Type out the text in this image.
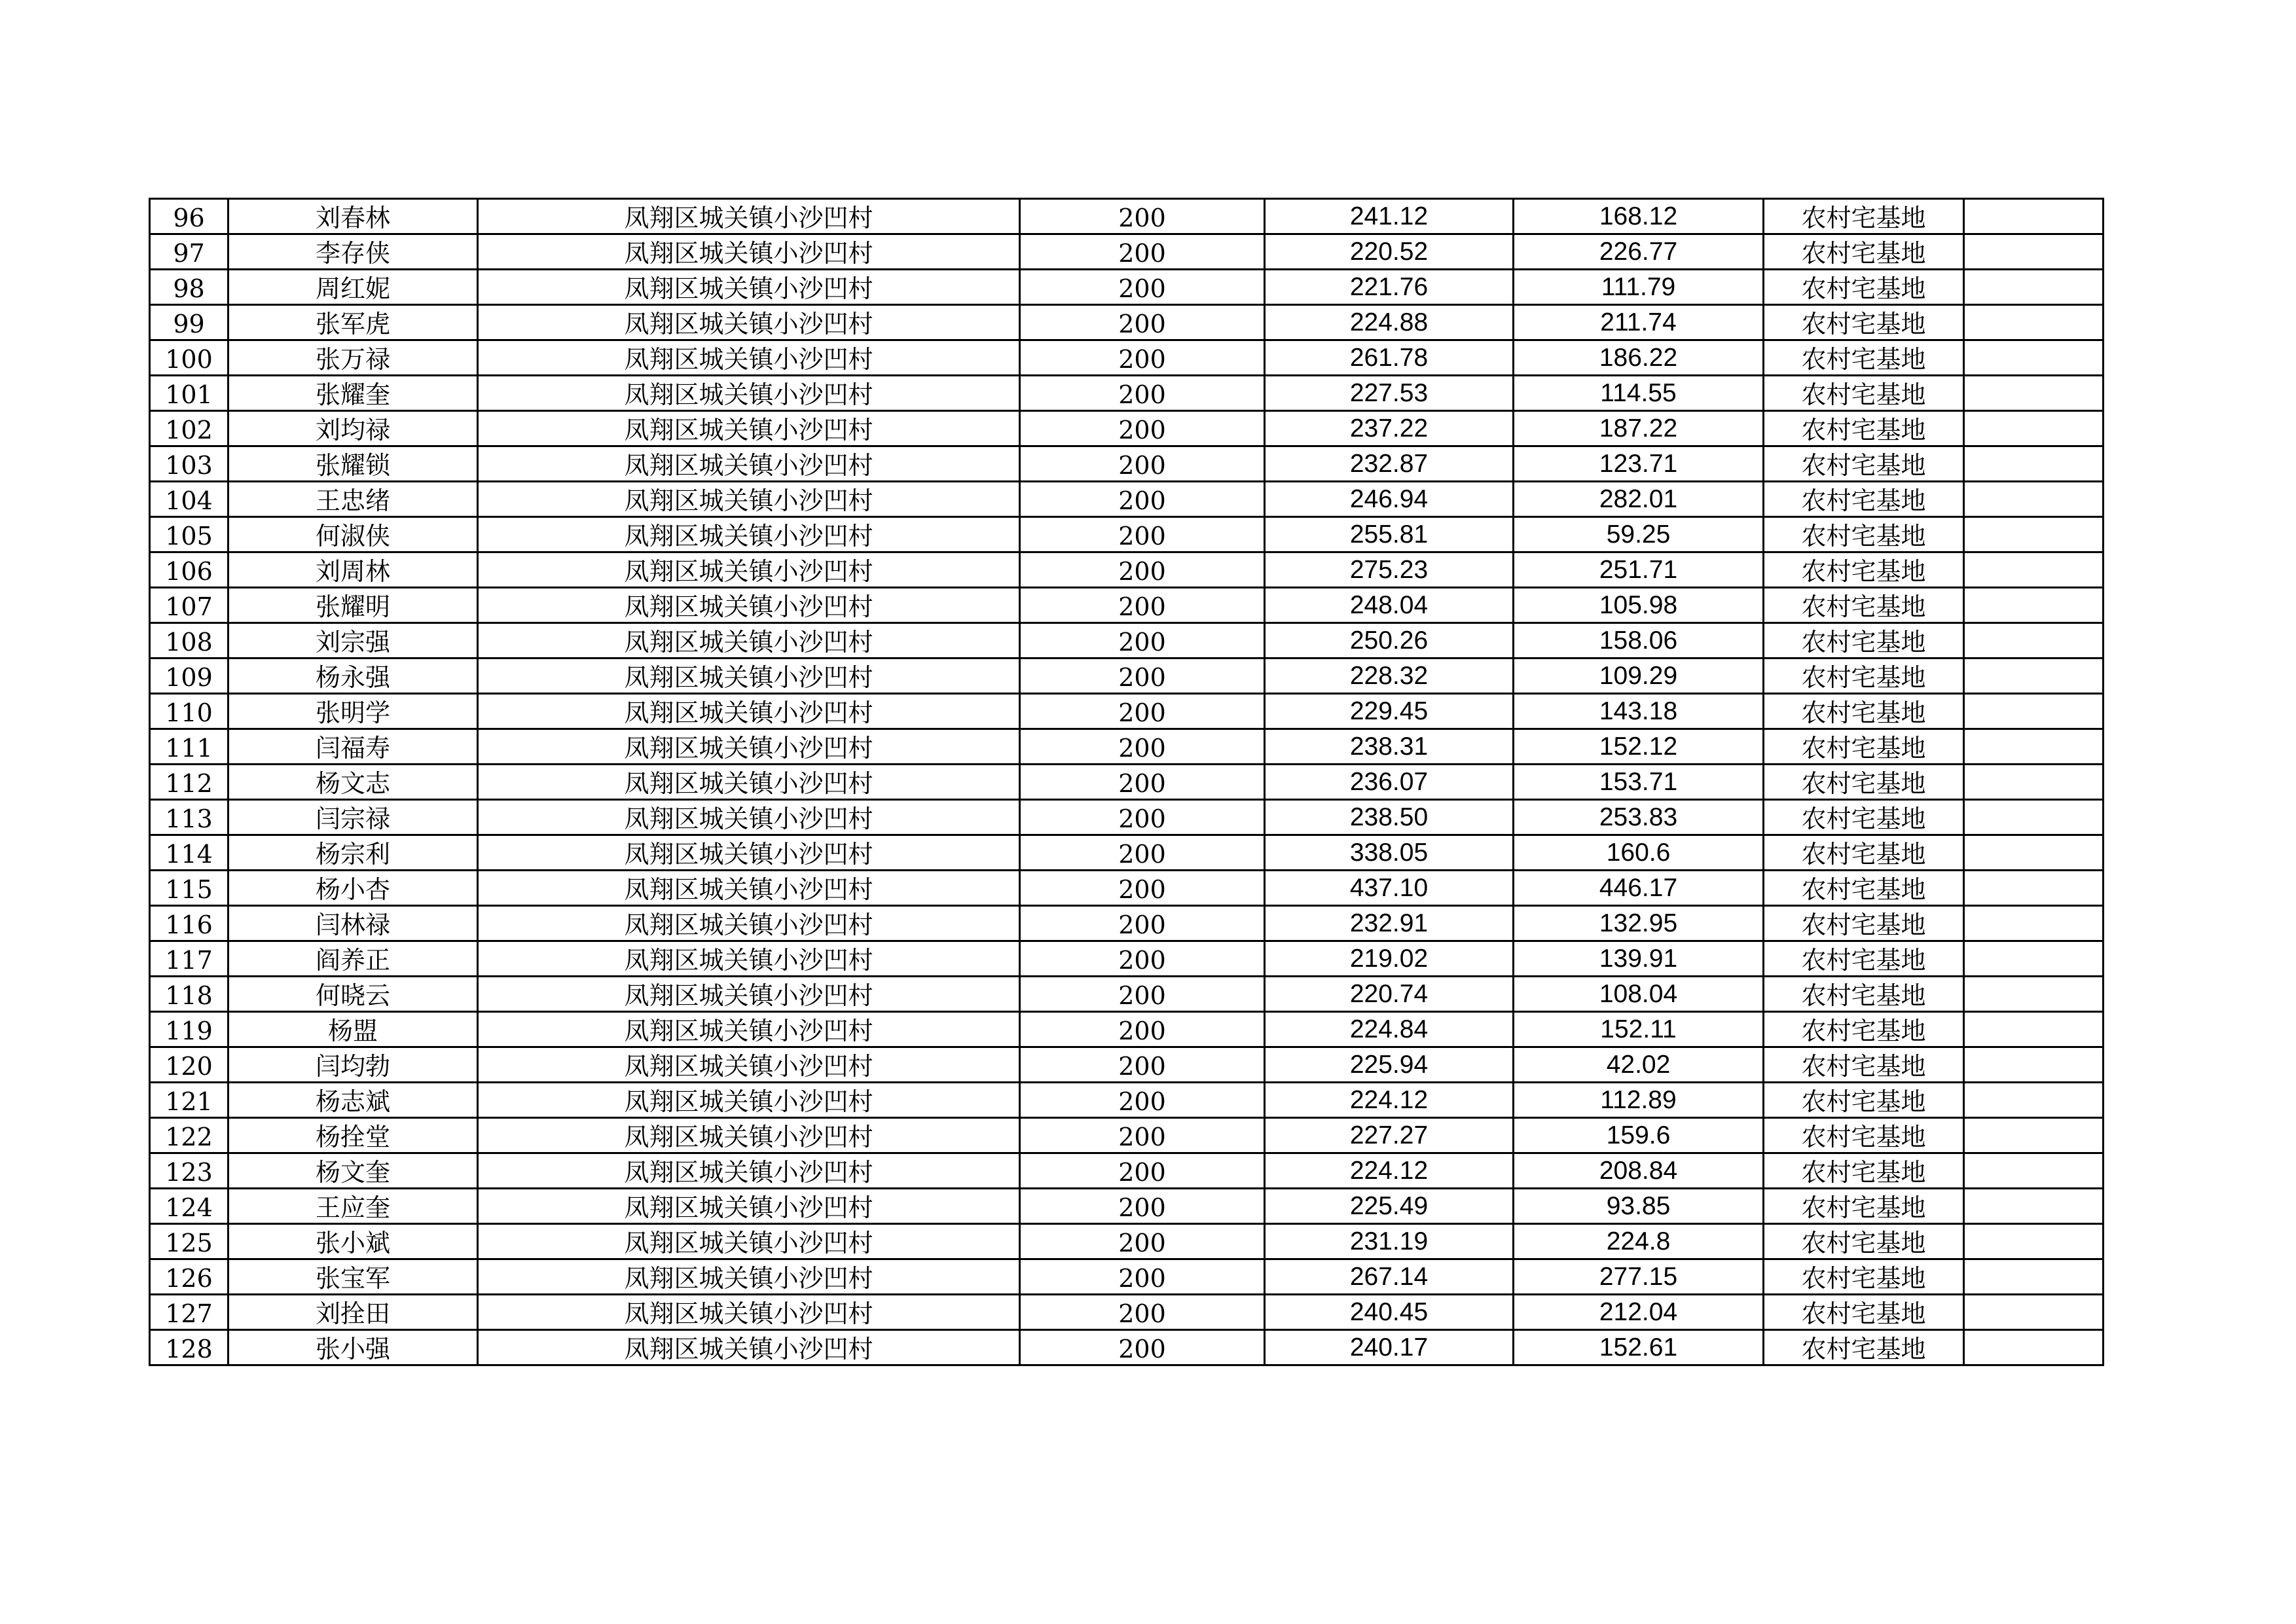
96	刘春林	凤翔区城关镇小沙凹村	200	241.12	168.12	农村宅基地	
97	李存侠	凤翔区城关镇小沙凹村	200	220.52	226.77	农村宅基地	
98	周红妮	凤翔区城关镇小沙凹村	200	221.76	111.79	农村宅基地	
99	张军虎	凤翔区城关镇小沙凹村	200	224.88	211.74	农村宅基地	
100	张万禄	凤翔区城关镇小沙凹村	200	261.78	186.22	农村宅基地	
101	张耀奎	凤翔区城关镇小沙凹村	200	227.53	114.55	农村宅基地	
102	刘均禄	凤翔区城关镇小沙凹村	200	237.22	187.22	农村宅基地	
103	张耀锁	凤翔区城关镇小沙凹村	200	232.87	123.71	农村宅基地	
104	王忠绪	凤翔区城关镇小沙凹村	200	246.94	282.01	农村宅基地	
105	何淑侠	凤翔区城关镇小沙凹村	200	255.81	59.25	农村宅基地	
106	刘周林	凤翔区城关镇小沙凹村	200	275.23	251.71	农村宅基地	
107	张耀明	凤翔区城关镇小沙凹村	200	248.04	105.98	农村宅基地	
108	刘宗强	凤翔区城关镇小沙凹村	200	250.26	158.06	农村宅基地	
109	杨永强	凤翔区城关镇小沙凹村	200	228.32	109.29	农村宅基地	
110	张明学	凤翔区城关镇小沙凹村	200	229.45	143.18	农村宅基地	
111	闫福寿	凤翔区城关镇小沙凹村	200	238.31	152.12	农村宅基地	
112	杨文志	凤翔区城关镇小沙凹村	200	236.07	153.71	农村宅基地	
113	闫宗禄	凤翔区城关镇小沙凹村	200	238.50	253.83	农村宅基地	
114	杨宗利	凤翔区城关镇小沙凹村	200	338.05	160.6	农村宅基地	
115	杨小杏	凤翔区城关镇小沙凹村	200	437.10	446.17	农村宅基地	
116	闫林禄	凤翔区城关镇小沙凹村	200	232.91	132.95	农村宅基地	
117	阎养正	凤翔区城关镇小沙凹村	200	219.02	139.91	农村宅基地	
118	何晓云	凤翔区城关镇小沙凹村	200	220.74	108.04	农村宅基地	
119	杨盟	凤翔区城关镇小沙凹村	200	224.84	152.11	农村宅基地	
120	闫均勃	凤翔区城关镇小沙凹村	200	225.94	42.02	农村宅基地	
121	杨志斌	凤翔区城关镇小沙凹村	200	224.12	112.89	农村宅基地	
122	杨拴堂	凤翔区城关镇小沙凹村	200	227.27	159.6	农村宅基地	
123	杨文奎	凤翔区城关镇小沙凹村	200	224.12	208.84	农村宅基地	
124	王应奎	凤翔区城关镇小沙凹村	200	225.49	93.85	农村宅基地	
125	张小斌	凤翔区城关镇小沙凹村	200	231.19	224.8	农村宅基地	
126	张宝军	凤翔区城关镇小沙凹村	200	267.14	277.15	农村宅基地	
127	刘拴田	凤翔区城关镇小沙凹村	200	240.45	212.04	农村宅基地	
128	张小强	凤翔区城关镇小沙凹村	200	240.17	152.61	农村宅基地	
